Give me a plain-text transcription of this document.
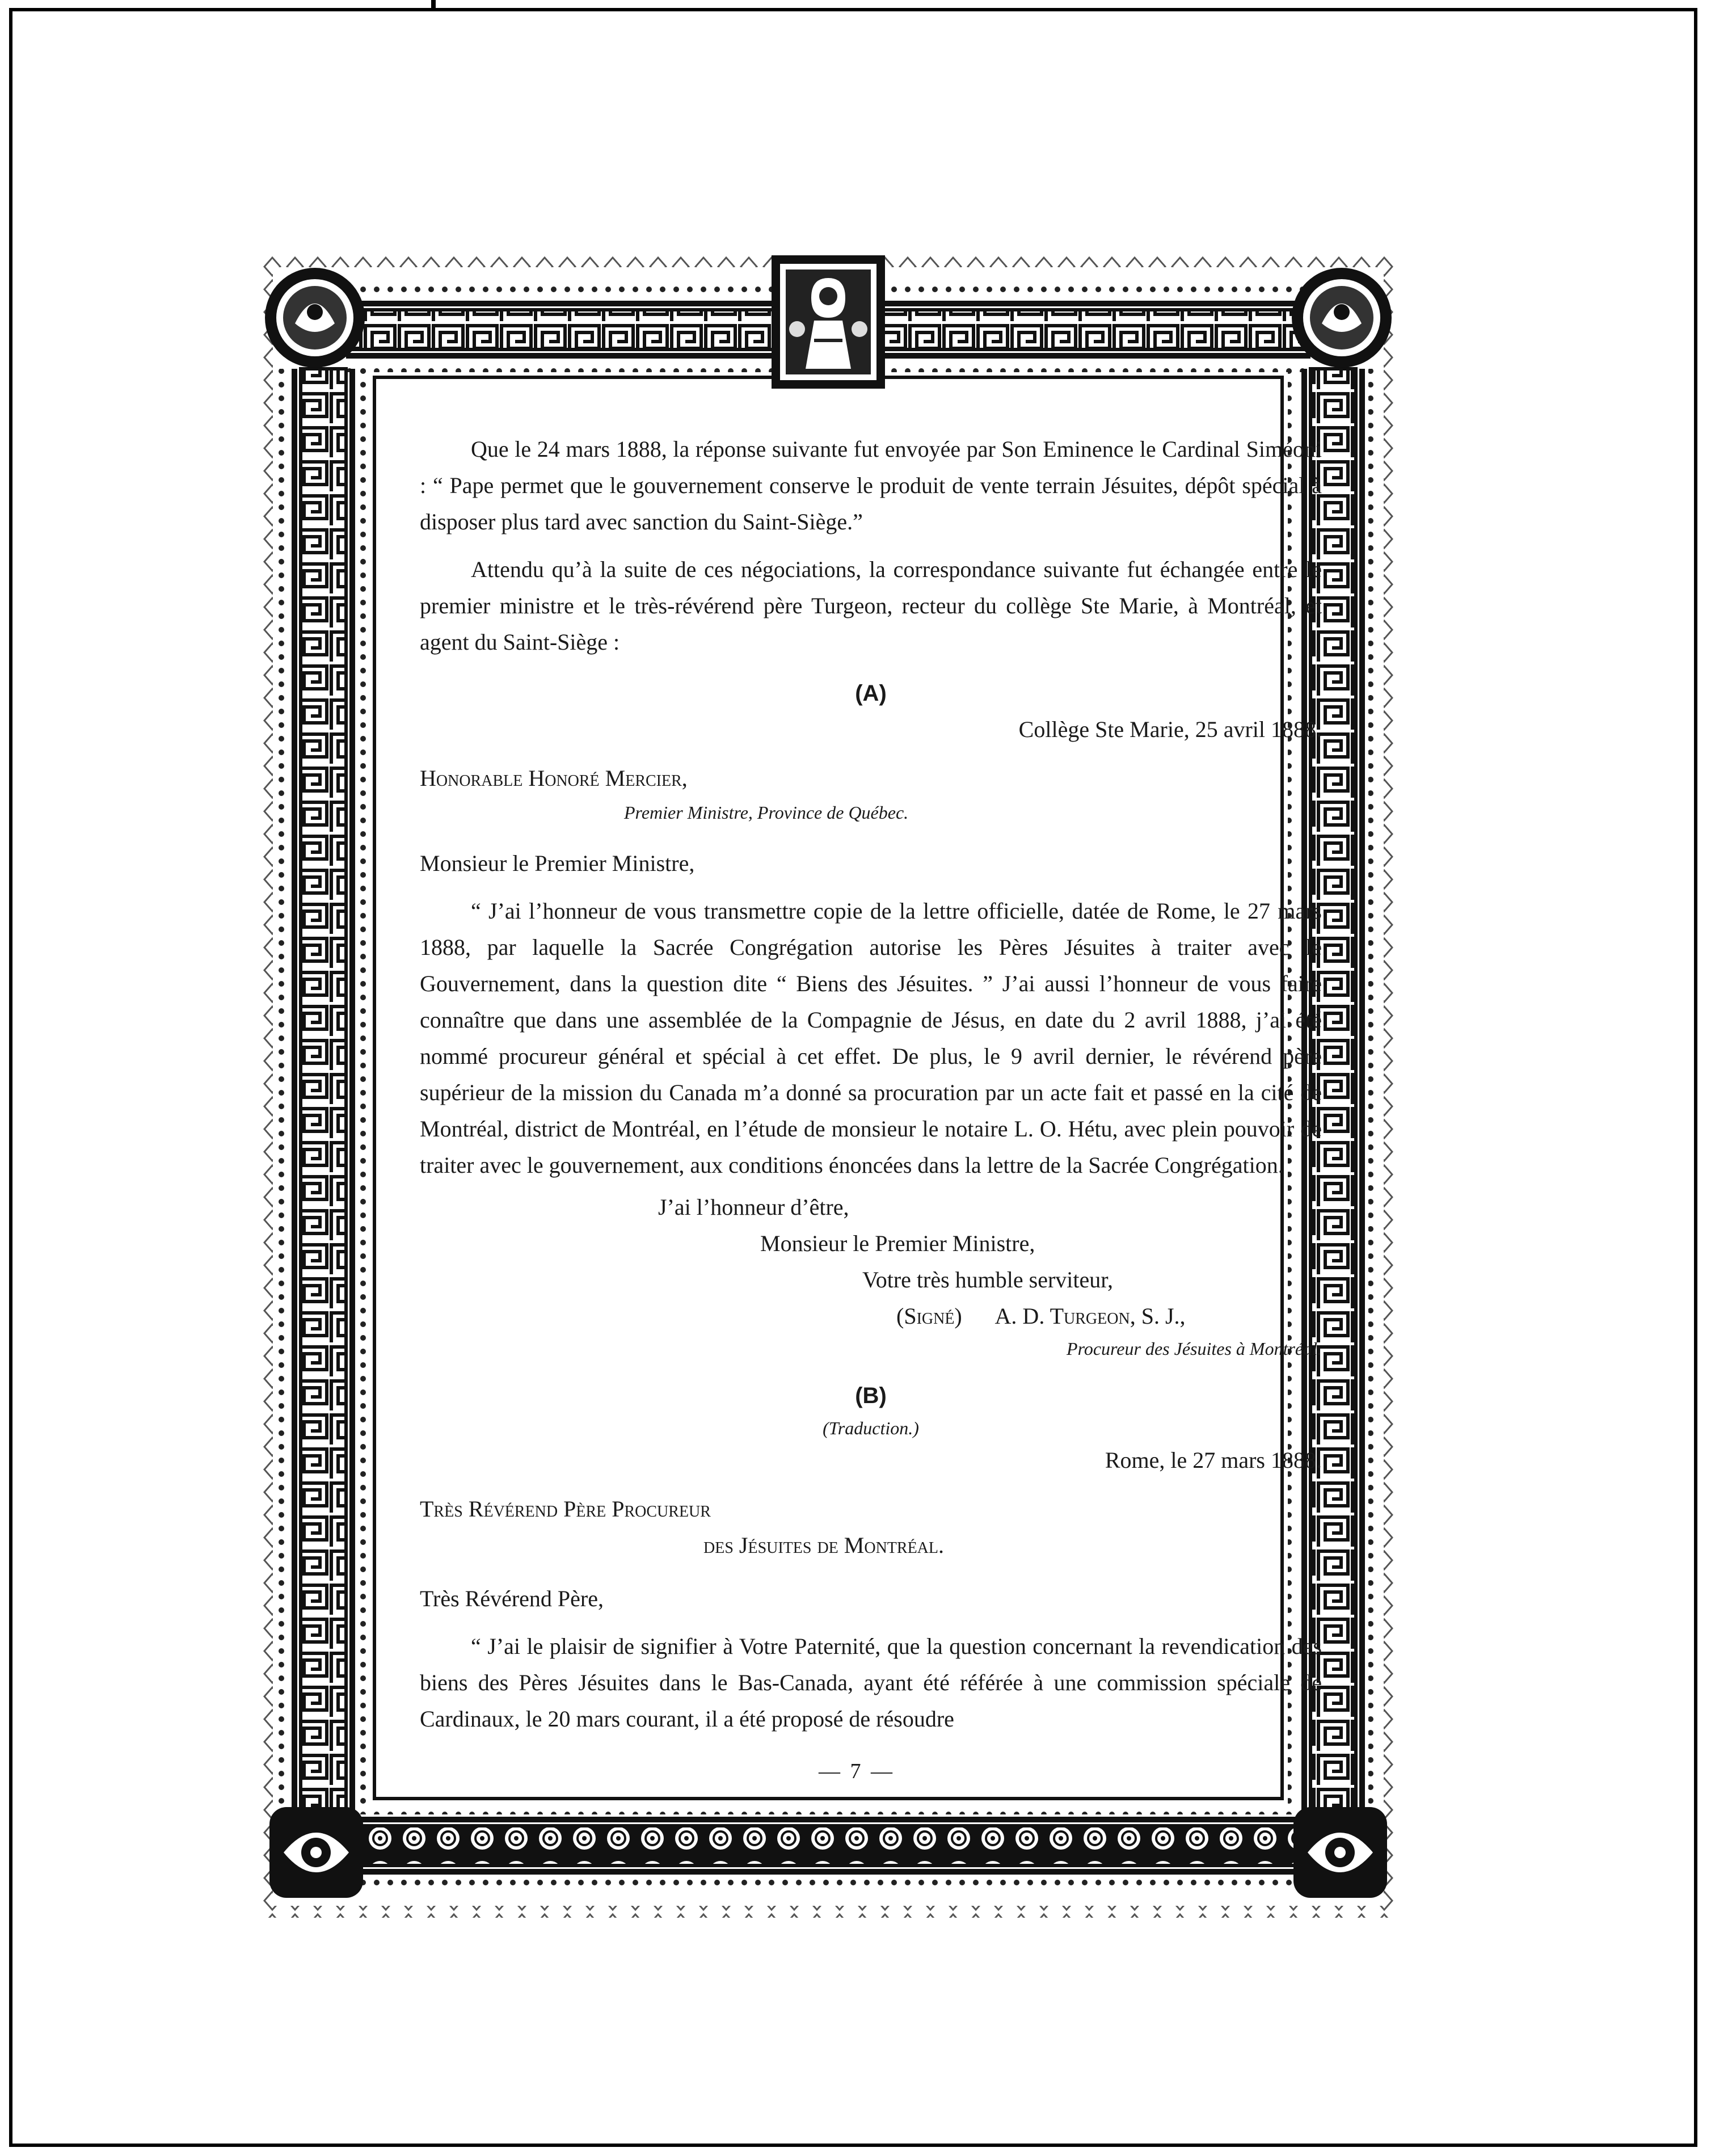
Que le 24 mars 1888, la réponse suivante fut envoyée par Son Eminence le Cardinal Siméoni : “ Pape permet que le gouvernement conserve le produit de vente terrain Jésuites, dépôt spécial à disposer plus tard avec sanction du Saint-Siège.”

Attendu qu’à la suite de ces négociations, la correspondance suivante fut échangée entre le premier ministre et le très-révérend père Turgeon, recteur du collège Ste Marie, à Montréal, et agent du Saint-Siège :

(A)
Collège Ste Marie, 25 avril 1888.
Honorable Honoré Mercier,
Premier Ministre, Province de Québec.
Monsieur le Premier Ministre,

“ J’ai l’honneur de vous transmettre copie de la lettre officielle, datée de Rome, le 27 mars 1888, par laquelle la Sacrée Congrégation autorise les Pères Jésuites à traiter avec le Gouvernement, dans la question dite “ Biens des Jésuites. ” J’ai aussi l’honneur de vous faire connaître que dans une assemblée de la Compagnie de Jésus, en date du 2 avril 1888, j’ai été nommé procureur général et spécial à cet effet. De plus, le 9 avril dernier, le révérend père supérieur de la mission du Canada m’a donné sa procuration par un acte fait et passé en la cité de Montréal, district de Montréal, en l’étude de monsieur le notaire L. O. Hétu, avec plein pouvoir de traiter avec le gouvernement, aux conditions énoncées dans la lettre de la Sacrée Congrégation.

J’ai l’honneur d’être,
Monsieur le Premier Ministre,
Votre très humble serviteur,
(Signé)      A. D. Turgeon, S. J.,
Procureur des Jésuites à Montréal.
(B)
(Traduction.)
Rome, le 27 mars 1888.
Très Révérend Père Procureur
des Jésuites de Montréal.
Très Révérend Père,

“ J’ai le plaisir de signifier à Votre Paternité, que la question concernant la revendication des biens des Pères Jésuites dans le Bas-Canada, ayant été référée à une commission spéciale de Cardinaux, le 20 mars courant, il a été proposé de résoudre

— 7 —
